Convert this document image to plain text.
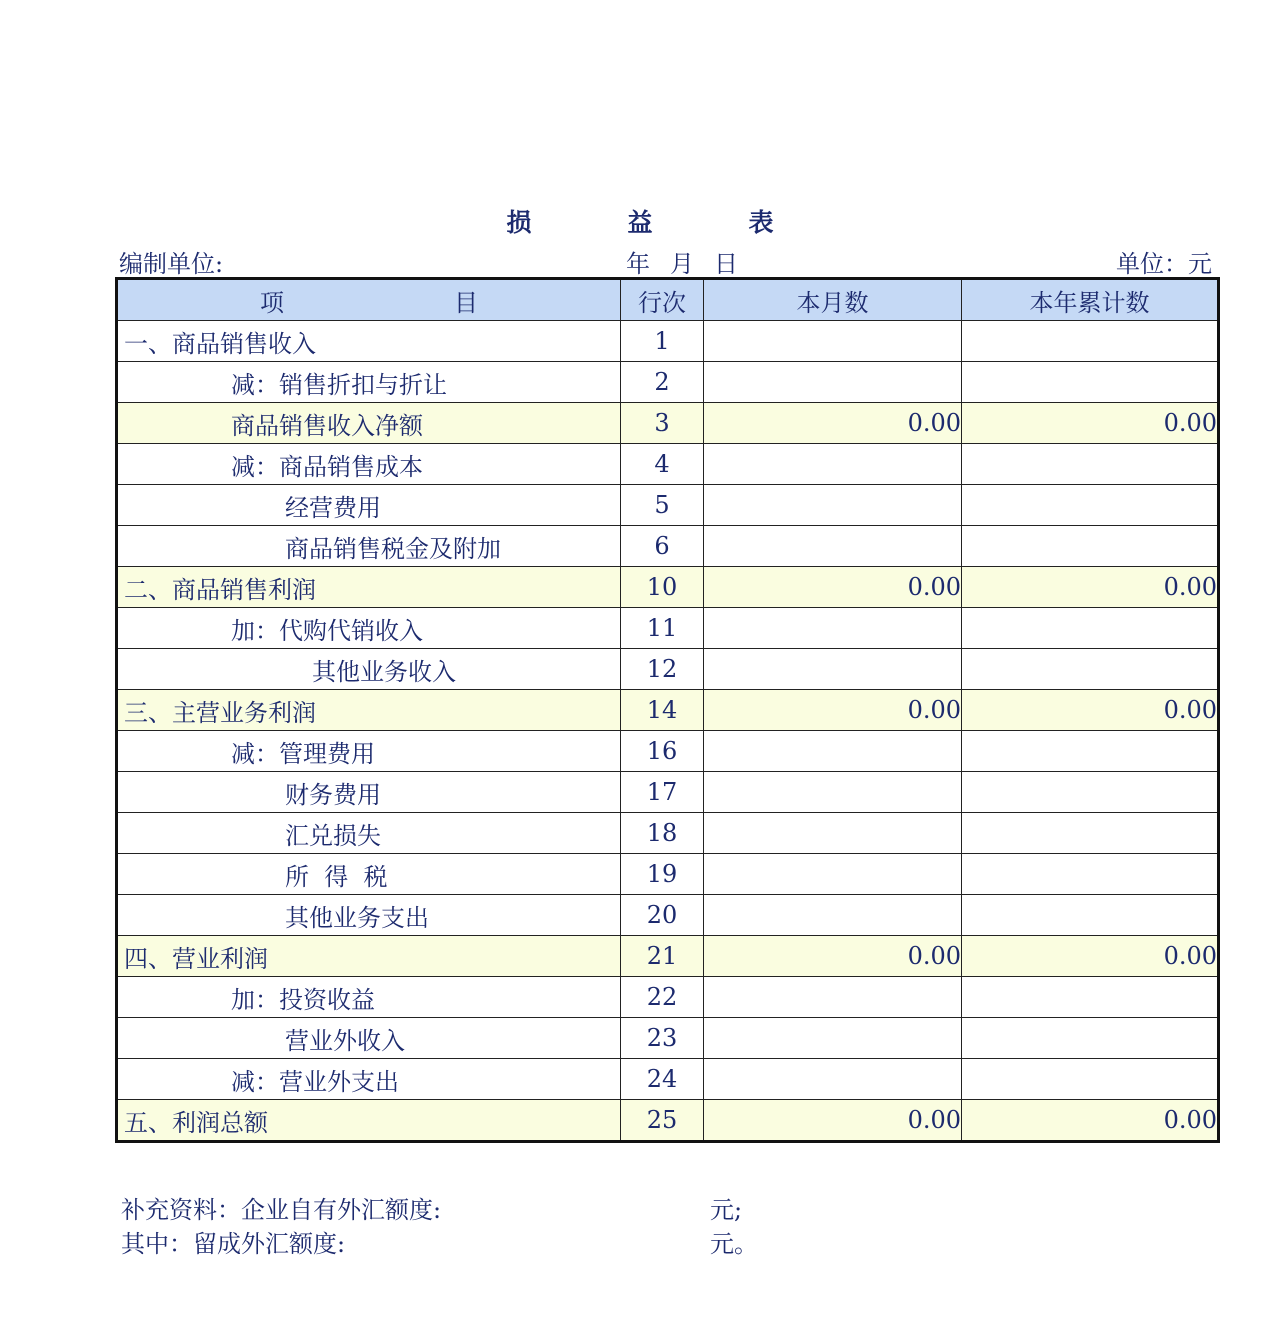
损	益	表
编制单位:	年 月 日	单位：元
项 目	行次	本月数	本年累计数
一、商品销售收入	1		
减：销售折扣与折让	2		
商品销售收入净额	3	0.00	0.00
减：商品销售成本	4		
经营费用	5		
商品销售税金及附加	6		
二、商品销售利润	10	0.00	0.00
加：代购代销收入	11		
其他业务收入	12		
三、主营业务利润	14	0.00	0.00
减：管理费用	16		
财务费用	17		
汇兑损失	18		
所  得  税	19		
其他业务支出	20		
四、营业利润	21	0.00	0.00
加：投资收益	22		
营业外收入	23		
减：营业外支出	24		
五、利润总额	25	0.00	0.00
补充资料：企业自有外汇额度:	元;
其中：留成外汇额度:	元。
